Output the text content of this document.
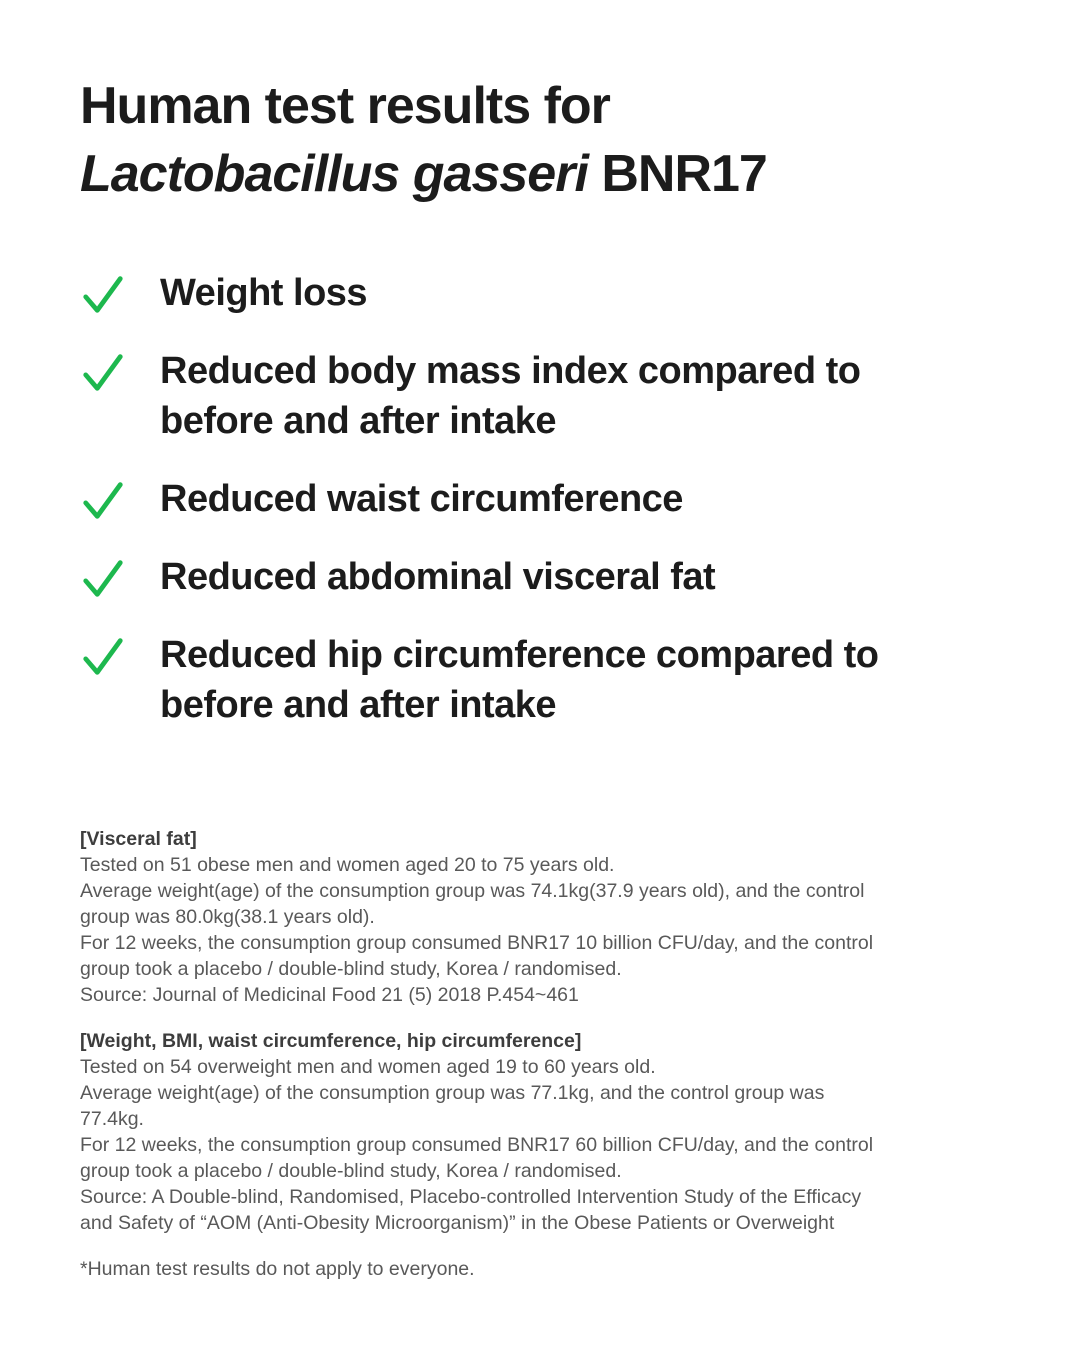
Human test results for
Lactobacillus gasseri BNR17
Weight loss
Reduced body mass index compared to
before and after intake
Reduced waist circumference
Reduced abdominal visceral fat
Reduced hip circumference compared to
before and after intake
[Visceral fat]
Tested on 51 obese men and women aged 20 to 75 years old.
Average weight(age) of the consumption group was 74.1kg(37.9 years old), and the control
group was 80.0kg(38.1 years old).
For 12 weeks, the consumption group consumed BNR17 10 billion CFU/day, and the control
group took a placebo / double-blind study, Korea / randomised.
Source: Journal of Medicinal Food 21 (5) 2018 P.454~461
[Weight, BMI, waist circumference, hip circumference]
Tested on 54 overweight men and women aged 19 to 60 years old.
Average weight(age) of the consumption group was 77.1kg, and the control group was
77.4kg.
For 12 weeks, the consumption group consumed BNR17 60 billion CFU/day, and the control
group took a placebo / double-blind study, Korea / randomised.
Source: A Double-blind, Randomised, Placebo-controlled Intervention Study of the Efficacy
and Safety of “AOM (Anti-Obesity Microorganism)” in the Obese Patients or Overweight
*Human test results do not apply to everyone.
